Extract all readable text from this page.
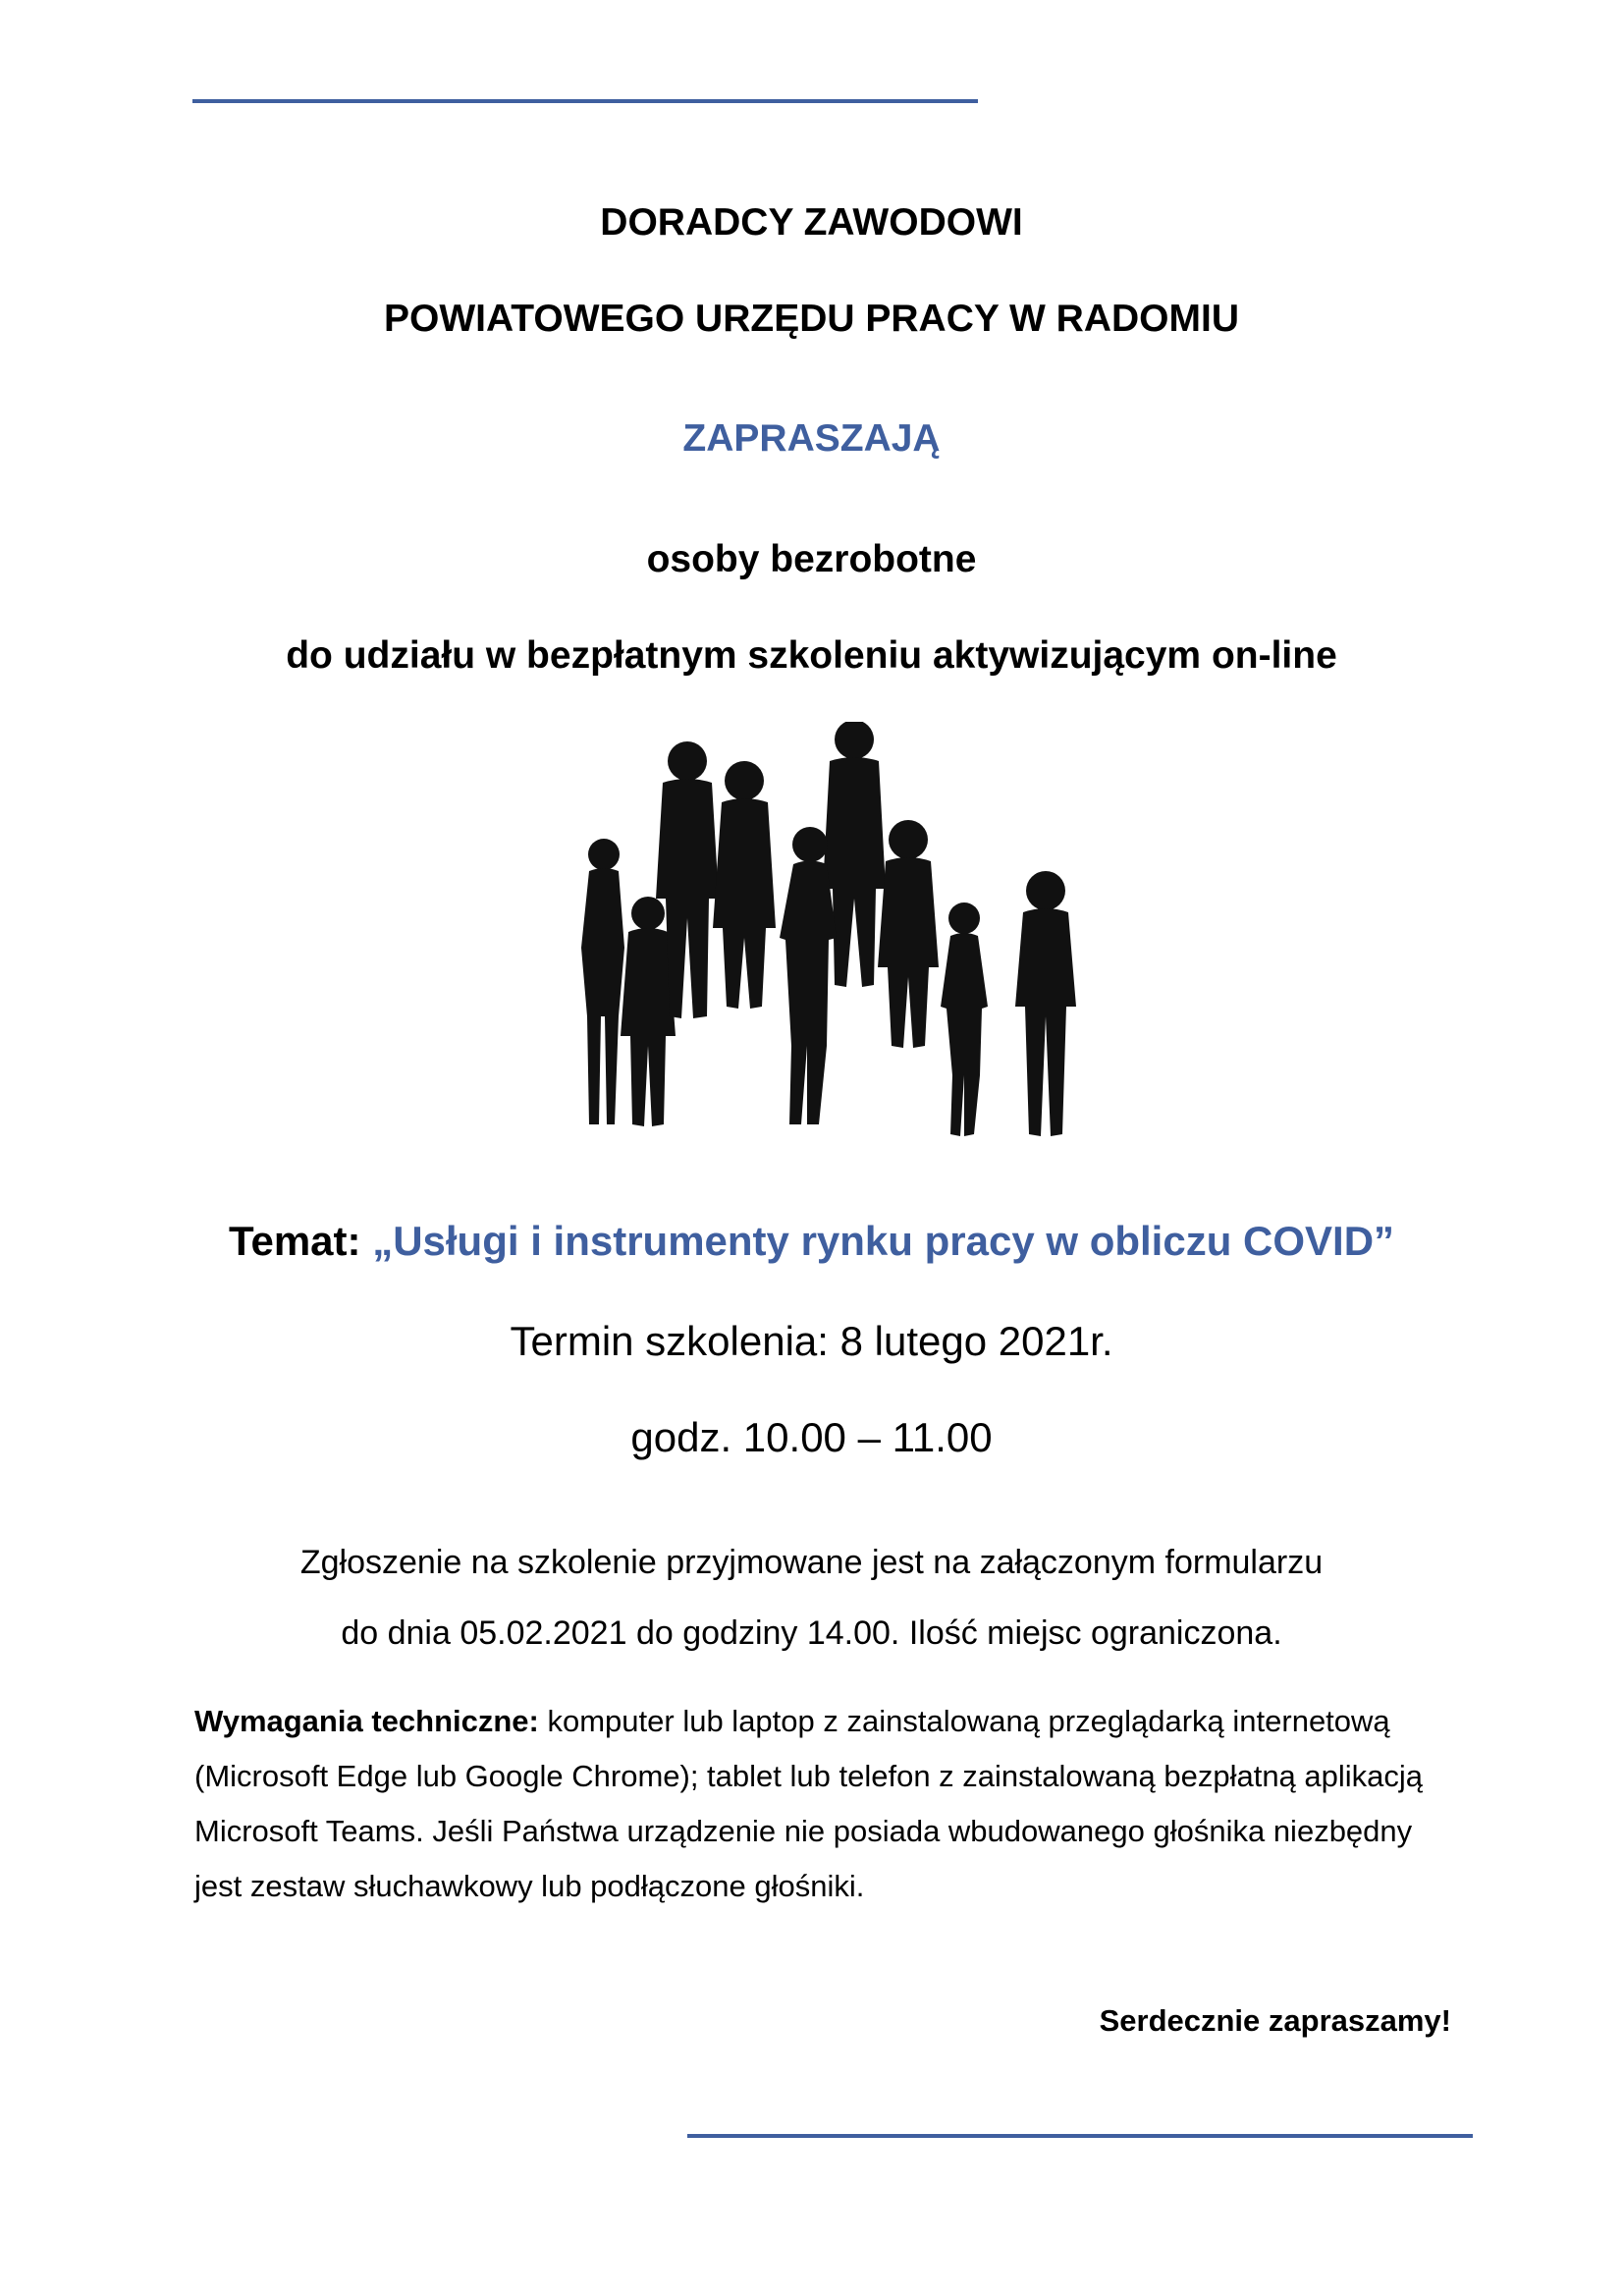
DORADCY ZAWODOWI
POWIATOWEGO URZĘDU PRACY W RADOMIU
ZAPRASZAJĄ
osoby bezrobotne
do udziału w bezpłatnym szkoleniu aktywizującym on-line
Temat: „Usługi i instrumenty rynku pracy w obliczu COVID”
Termin szkolenia: 8 lutego 2021r.
godz. 10.00 – 11.00
Zgłoszenie na szkolenie przyjmowane jest na załączonym formularzu
do dnia 05.02.2021 do godziny 14.00. Ilość miejsc ograniczona.
Wymagania techniczne: komputer lub laptop z zainstalowaną przeglądarką internetową (Microsoft Edge lub Google Chrome); tablet lub telefon z zainstalowaną bezpłatną aplikacją Microsoft Teams. Jeśli Państwa urządzenie nie posiada wbudowanego głośnika niezbędny jest zestaw słuchawkowy lub podłączone głośniki.
Serdecznie zapraszamy!
